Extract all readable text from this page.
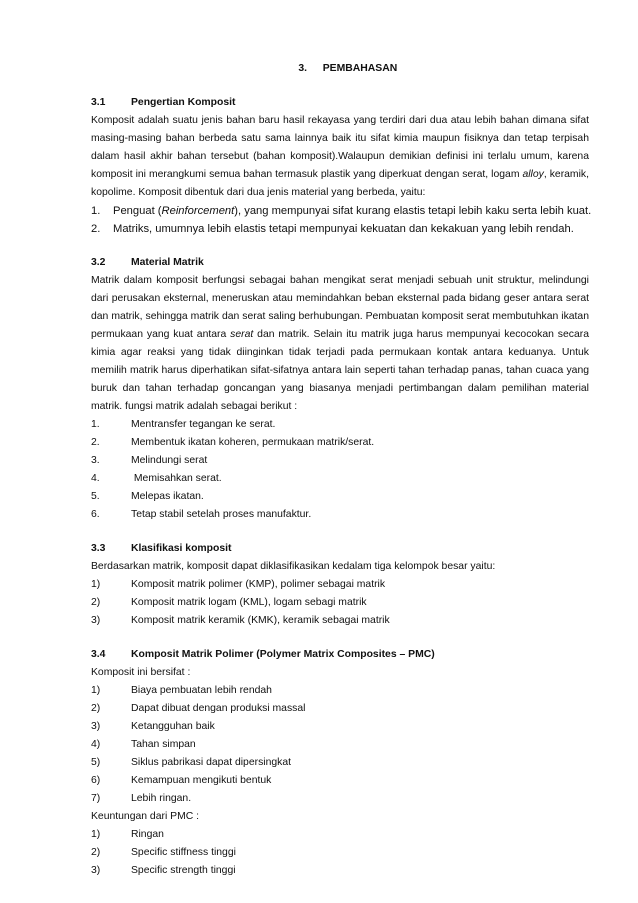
3. PEMBAHASAN
3.1 Pengertian Komposit

Komposit adalah suatu jenis bahan baru hasil rekayasa yang terdiri dari dua atau lebih bahan dimana sifat masing-masing bahan berbeda satu sama lainnya baik itu sifat kimia maupun fisiknya dan tetap terpisah dalam hasil akhir bahan tersebut (bahan komposit).Walaupun demikian definisi ini terlalu umum, karena komposit ini merangkumi semua bahan termasuk plastik yang diperkuat dengan serat, logam alloy, keramik, kopolime. Komposit dibentuk dari dua jenis material yang berbeda, yaitu:

1. Penguat (Reinforcement), yang mempunyai sifat kurang elastis tetapi lebih kaku serta lebih kuat.
2. Matriks, umumnya lebih elastis tetapi mempunyai kekuatan dan kekakuan yang lebih rendah.
3.2 Material Matrik

Matrik dalam komposit berfungsi sebagai bahan mengikat serat menjadi sebuah unit struktur, melindungi dari perusakan eksternal, meneruskan atau memindahkan beban eksternal pada bidang geser antara serat dan matrik, sehingga matrik dan serat saling berhubungan. Pembuatan komposit serat membutuhkan ikatan permukaan yang kuat antara serat dan matrik. Selain itu matrik juga harus mempunyai kecocokan secara kimia agar reaksi yang tidak diinginkan tidak terjadi pada permukaan kontak antara keduanya. Untuk memilih matrik harus diperhatikan sifat-sifatnya antara lain seperti tahan terhadap panas, tahan cuaca yang buruk dan tahan terhadap goncangan yang biasanya menjadi pertimbangan dalam pemilihan material matrik. fungsi matrik adalah sebagai berikut :

1.	Mentransfer tegangan ke serat.
2.	Membentuk ikatan koheren, permukaan matrik/serat.
3.	Melindungi serat
4.	Memisahkan serat.
5.	Melepas ikatan.
6.	Tetap stabil setelah proses manufaktur.
3.3 Klasifikasi komposit
Berdasarkan matrik, komposit dapat diklasifikasikan kedalam tiga kelompok besar yaitu:
1)	Komposit matrik polimer (KMP), polimer sebagai matrik
2)	Komposit matrik logam (KML), logam sebagi matrik
3)	Komposit matrik keramik (KMK), keramik sebagai matrik
3.4 Komposit Matrik Polimer (Polymer Matrix Composites – PMC)
Komposit ini bersifat :
1)	Biaya pembuatan lebih rendah
2)	Dapat dibuat dengan produksi massal
3)	Ketangguhan baik
4)	Tahan simpan
5)	Siklus pabrikasi dapat dipersingkat
6)	Kemampuan mengikuti bentuk
7)	Lebih ringan.
Keuntungan dari PMC :
1)	Ringan
2)	Specific stiffness tinggi
3)	Specific strength tinggi
